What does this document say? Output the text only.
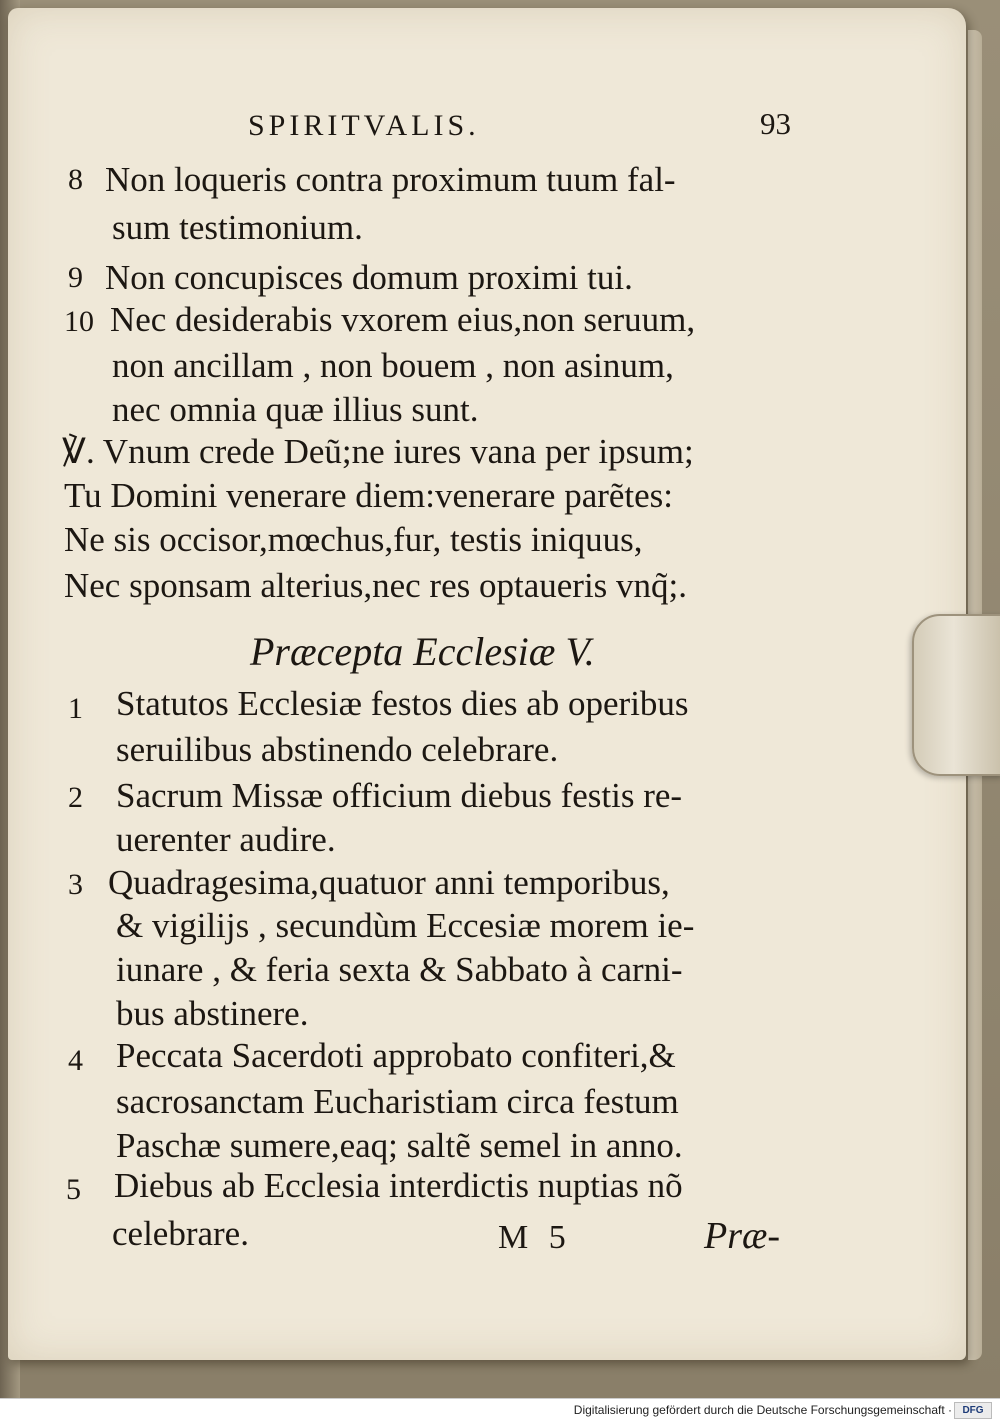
SPIRITVALIS.	93
8 Non loqueris contra proximum tuum fal-
sum testimonium.
9 Non concupisces domum proximi tui.
10 Nec desiderabis vxorem eius,non seruum,
non ancillam , non bouem , non asinum,
nec omnia quæ illius sunt.
℣. Vnum crede Deũ;ne iures vana per ipsum;
Tu Domini venerare diem:venerare parẽtes:
Ne sis occisor,mœchus,fur, testis iniquus,
Nec sponsam alterius,nec res optaueris vnq̃;.
Præcepta Ecclesiæ V.
1 Statutos Ecclesiæ festos dies ab operibus
seruilibus abstinendo celebrare.
2 Sacrum Missæ officium diebus festis re-
uerenter audire.
3 Quadragesima,quatuor anni temporibus,
& vigilijs , secundùm Eccesiæ morem ie-
iunare , & feria sexta & Sabbato à carni-
bus abstinere.
4 Peccata Sacerdoti approbato confiteri,&
sacrosanctam Eucharistiam circa festum
Paschæ sumere,eaq; saltẽ semel in anno.
5 Diebus ab Ecclesia interdictis nuptias nõ
celebrare.	M 5	Præ-
Digitalisierung gefördert durch die Deutsche Forschungsgemeinschaft ·	DFG
